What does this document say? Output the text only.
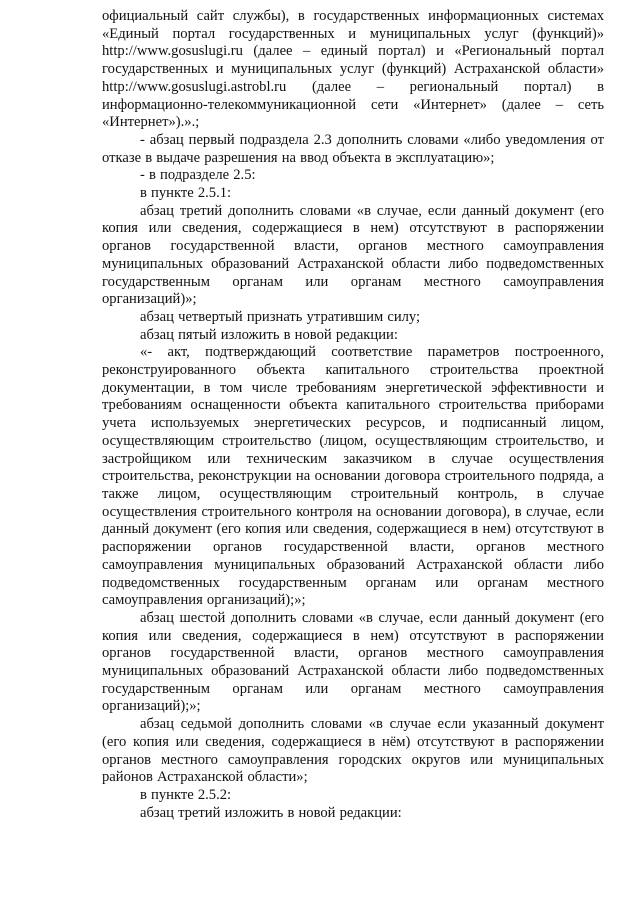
официальный сайт службы), в государственных информационных системах «Единый портал государственных и муниципальных услуг (функций)» http://www.gosuslugi.ru (далее – единый портал) и «Региональный портал государственных и муниципальных услуг (функций) Астраханской области» http://www.gosuslugi.astrobl.ru (далее – региональный портал) в информационно-телекоммуникационной сети «Интернет» (далее – сеть «Интернет»).».;

- абзац первый подраздела 2.3 дополнить словами «либо уведомления от отказе в выдаче разрешения на ввод объекта в эксплуатацию»;

- в подразделе 2.5:

в пункте 2.5.1:

абзац третий дополнить словами «в случае, если данный документ (его копия или сведения, содержащиеся в нем) отсутствуют в распоряжении органов государственной власти, органов местного самоуправления муниципальных образований Астраханской области либо подведомственных государственным органам или органам местного самоуправления организаций)»;

абзац четвертый признать утратившим силу;

абзац пятый изложить в новой редакции:

«- акт, подтверждающий соответствие параметров построенного, реконструированного объекта капитального строительства проектной документации, в том числе требованиям энергетической эффективности и требованиям оснащенности объекта капитального строительства приборами учета используемых энергетических ресурсов, и подписанный лицом, осуществляющим строительство (лицом, осуществляющим строительство, и застройщиком или техническим заказчиком в случае осуществления строительства, реконструкции на основании договора строительного подряда, а также лицом, осуществляющим строительный контроль, в случае осуществления строительного контроля на основании договора), в случае, если данный документ (его копия или сведения, содержащиеся в нем) отсутствуют в распоряжении органов государственной власти, органов местного самоуправления муниципальных образований Астраханской области либо подведомственных государственным органам или органам местного самоуправления организаций);»;

абзац шестой дополнить словами «в случае, если данный документ (его копия или сведения, содержащиеся в нем) отсутствуют в распоряжении органов государственной власти, органов местного самоуправления муниципальных образований Астраханской области либо подведомственных государственным органам или органам местного самоуправления организаций);»;

абзац седьмой дополнить словами «в случае если указанный документ (его копия или сведения, содержащиеся в нём) отсутствуют в распоряжении органов местного самоуправления городских округов или муниципальных районов Астраханской области»;

в пункте 2.5.2:

абзац третий изложить в новой редакции:
